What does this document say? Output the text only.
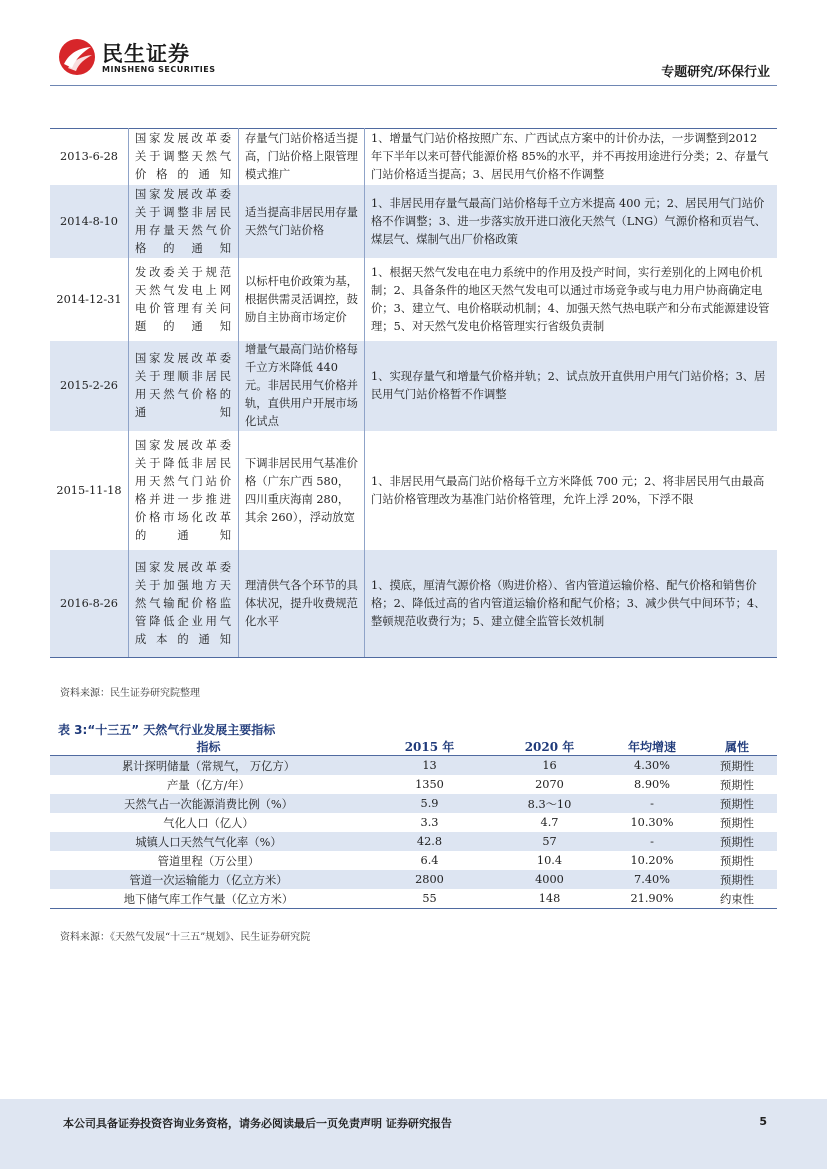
民生证券
MINSHENG SECURITIES	专题研究/环保行业
2013-6-28	国家发展改革委关于调整天然气价格的通知	存量气门站价格适当提高，门站价格上限管理模式推广	1、增量气门站价格按照广东、广西试点方案中的计价办法，一步调整到2012 年下半年以来可替代能源价格 85%的水平，并不再按用途进行分类；2、存量气门站价格适当提高；3、居民用气价格不作调整
2014-8-10	国家发展改革委关于调整非居民用存量天然气价格的通知	适当提高非居民用存量天然气门站价格	1、非居民用存量气最高门站价格每千立方米提高 400 元；2、居民用气门站价格不作调整；3、进一步落实放开进口液化天然气（LNG）气源价格和页岩气、煤层气、煤制气出厂价格政策
2014-12-31	发改委关于规范天然气发电上网电价管理有关问题的通知	以标杆电价政策为基，根据供需灵活调控，鼓励自主协商市场定价	1、根据天然气发电在电力系统中的作用及投产时间，实行差别化的上网电价机制；2、具备条件的地区天然气发电可以通过市场竞争或与电力用户协商确定电价；3、建立气、电价格联动机制；4、加强天然气热电联产和分布式能源建设管理；5、对天然气发电价格管理实行省级负责制
2015-2-26	国家发展改革委关于理顺非居民用天然气价格的通知	增量气最高门站价格每千立方米降低 440元。非居民用气价格并轨，直供用户开展市场化试点	1、实现存量气和增量气价格并轨；2、试点放开直供用户用气门站价格；3、居民用气门站价格暂不作调整
2015-11-18	国家发展改革委关于降低非居民用天然气门站价格并进一步推进价格市场化改革的通知	下调非居民用气基准价格（广东广西 580，四川重庆海南 280，其余 260），浮动放宽	1、非居民用气最高门站价格每千立方米降低 700 元；2、将非居民用气由最高门站价格管理改为基准门站价格管理，允许上浮 20%，下浮不限
2016-8-26	国家发展改革委关于加强地方天然气输配价格监管降低企业用气成本的通知	理清供气各个环节的具体状况，提升收费规范化水平	1、摸底，厘清气源价格（购进价格）、省内管道运输价格、配气价格和销售价格；2、降低过高的省内管道运输价格和配气价格；3、减少供气中间环节；4、整顿规范收费行为；5、建立健全监管长效机制
资料来源：民生证券研究院整理
表 3:“十三五” 天然气行业发展主要指标
指标	2015 年	2020 年	年均增速	属性
累计探明储量（常规气， 万亿方）	13	16	4.30%	预期性
产量（亿方/年）	1350	2070	8.90%	预期性
天然气占一次能源消费比例（%）	5.9	8.3～10	-	预期性
气化人口（亿人）	3.3	4.7	10.30%	预期性
城镇人口天然气气化率（%）	42.8	57	-	预期性
管道里程（万公里）	6.4	10.4	10.20%	预期性
管道一次运输能力（亿立方米）	2800	4000	7.40%	预期性
地下储气库工作气量（亿立方米）	55	148	21.90%	约束性
资料来源：《天然气发展“十三五”规划》、民生证券研究院
本公司具备证券投资咨询业务资格，请务必阅读最后一页免责声明 证券研究报告	5
